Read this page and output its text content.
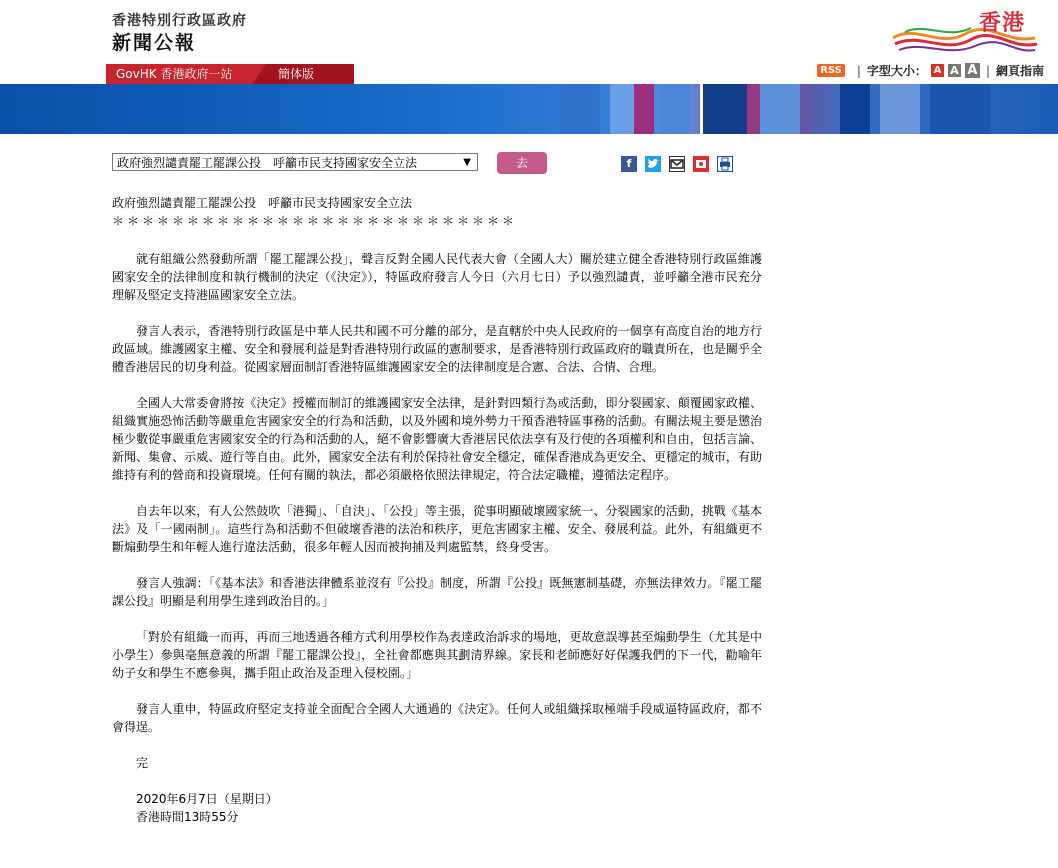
香港特別行政區政府
新聞公報
香港
GovHK 香港政府一站	簡体版	RSS | 字型大小： A A A | 網頁指南
政府強烈譴責罷工罷課公投　呼籲市民支持國家安全立法	▼	去	f
政府強烈譴責罷工罷課公投　呼籲市民支持國家安全立法
＊＊＊＊＊＊＊＊＊＊＊＊＊＊＊＊＊＊＊＊＊＊＊＊＊＊＊

就有組織公然發動所謂「罷工罷課公投」，聲言反對全國人民代表大會（全國人大）關於建立健全香港特別行政區維護國家安全的法律制度和執行機制的決定（《決定》），特區政府發言人今日（六月七日）予以強烈譴責，並呼籲全港市民充分理解及堅定支持港區國家安全立法。

發言人表示，香港特別行政區是中華人民共和國不可分離的部分，是直轄於中央人民政府的一個享有高度自治的地方行政區域。維護國家主權、安全和發展利益是對香港特別行政區的憲制要求，是香港特別行政區政府的職責所在，也是關乎全體香港居民的切身利益。從國家層面制訂香港特區維護國家安全的法律制度是合憲、合法、合情、合理。

全國人大常委會將按《決定》授權而制訂的維護國家安全法律，是針對四類行為或活動，即分裂國家、顛覆國家政權、組織實施恐怖活動等嚴重危害國家安全的行為和活動，以及外國和境外勢力干預香港特區事務的活動。有關法規主要是懲治極少數從事嚴重危害國家安全的行為和活動的人，絕不會影響廣大香港居民依法享有及行使的各項權利和自由，包括言論、新聞、集會、示威、遊行等自由。此外，國家安全法有利於保持社會安全穩定，確保香港成為更安全、更穩定的城市，有助維持有利的營商和投資環境。任何有關的執法，都必須嚴格依照法律規定，符合法定職權，遵循法定程序。

自去年以來，有人公然鼓吹「港獨」、「自決」、「公投」等主張，從事明顯破壞國家統一、分裂國家的活動，挑戰《基本法》及「一國兩制」。這些行為和活動不但破壞香港的法治和秩序，更危害國家主權、安全、發展利益。此外，有組織更不斷煽動學生和年輕人進行違法活動，很多年輕人因而被拘捕及判處監禁，終身受害。

發言人強調：「《基本法》和香港法律體系並沒有『公投』制度，所謂『公投』既無憲制基礎，亦無法律效力。『罷工罷課公投』明顯是利用學生達到政治目的。」

「對於有組織一而再，再而三地透過各種方式利用學校作為表達政治訴求的場地，更故意誤導甚至煽動學生（尤其是中小學生）參與毫無意義的所謂『罷工罷課公投』，全社會都應與其劃清界線。家長和老師應好好保護我們的下一代，勸喻年幼子女和學生不應參與，攜手阻止政治及歪理入侵校園。」

發言人重申，特區政府堅定支持並全面配合全國人大通過的《決定》。任何人或組織採取極端手段威逼特區政府，都不會得逞。

完

2020年6月7日（星期日）

香港時間13時55分
